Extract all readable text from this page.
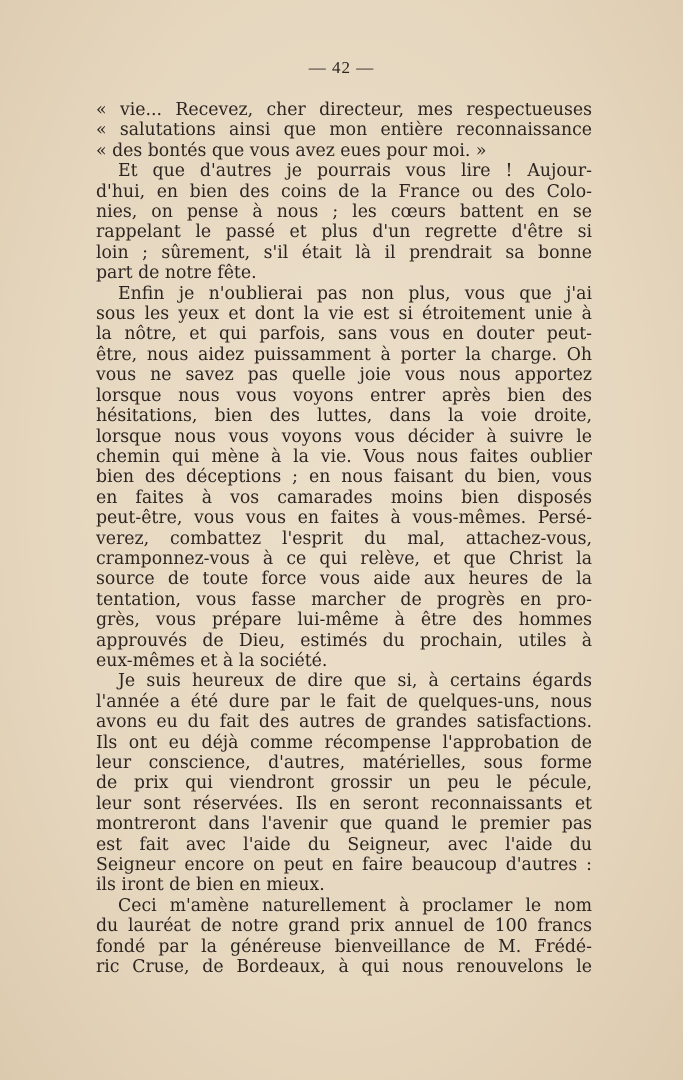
— 42 —
« vie... Recevez, cher directeur, mes respectueuses
« salutations ainsi que mon entière reconnaissance
« des bontés que vous avez eues pour moi. »
Et que d'autres je pourrais vous lire ! Aujour-
d'hui, en bien des coins de la France ou des Colo-
nies, on pense à nous ; les cœurs battent en se
rappelant le passé et plus d'un regrette d'être si
loin ; sûrement, s'il était là il prendrait sa bonne
part de notre fête.
Enfin je n'oublierai pas non plus, vous que j'ai
sous les yeux et dont la vie est si étroitement unie à
la nôtre, et qui parfois, sans vous en douter peut-
être, nous aidez puissamment à porter la charge. Oh
vous ne savez pas quelle joie vous nous apportez
lorsque nous vous voyons entrer après bien des
hésitations, bien des luttes, dans la voie droite,
lorsque nous vous voyons vous décider à suivre le
chemin qui mène à la vie. Vous nous faites oublier
bien des déceptions ; en nous faisant du bien, vous
en faites à vos camarades moins bien disposés
peut-être, vous vous en faites à vous-mêmes. Persé-
verez, combattez l'esprit du mal, attachez-vous,
cramponnez-vous à ce qui relève, et que Christ la
source de toute force vous aide aux heures de la
tentation, vous fasse marcher de progrès en pro-
grès, vous prépare lui-même à être des hommes
approuvés de Dieu, estimés du prochain, utiles à
eux-mêmes et à la société.
Je suis heureux de dire que si, à certains égards
l'année a été dure par le fait de quelques-uns, nous
avons eu du fait des autres de grandes satisfactions.
Ils ont eu déjà comme récompense l'approbation de
leur conscience, d'autres, matérielles, sous forme
de prix qui viendront grossir un peu le pécule,
leur sont réservées. Ils en seront reconnaissants et
montreront dans l'avenir que quand le premier pas
est fait avec l'aide du Seigneur, avec l'aide du
Seigneur encore on peut en faire beaucoup d'autres :
ils iront de bien en mieux.
Ceci m'amène naturellement à proclamer le nom
du lauréat de notre grand prix annuel de 100 francs
fondé par la généreuse bienveillance de M. Frédé-
ric Cruse, de Bordeaux, à qui nous renouvelons le
